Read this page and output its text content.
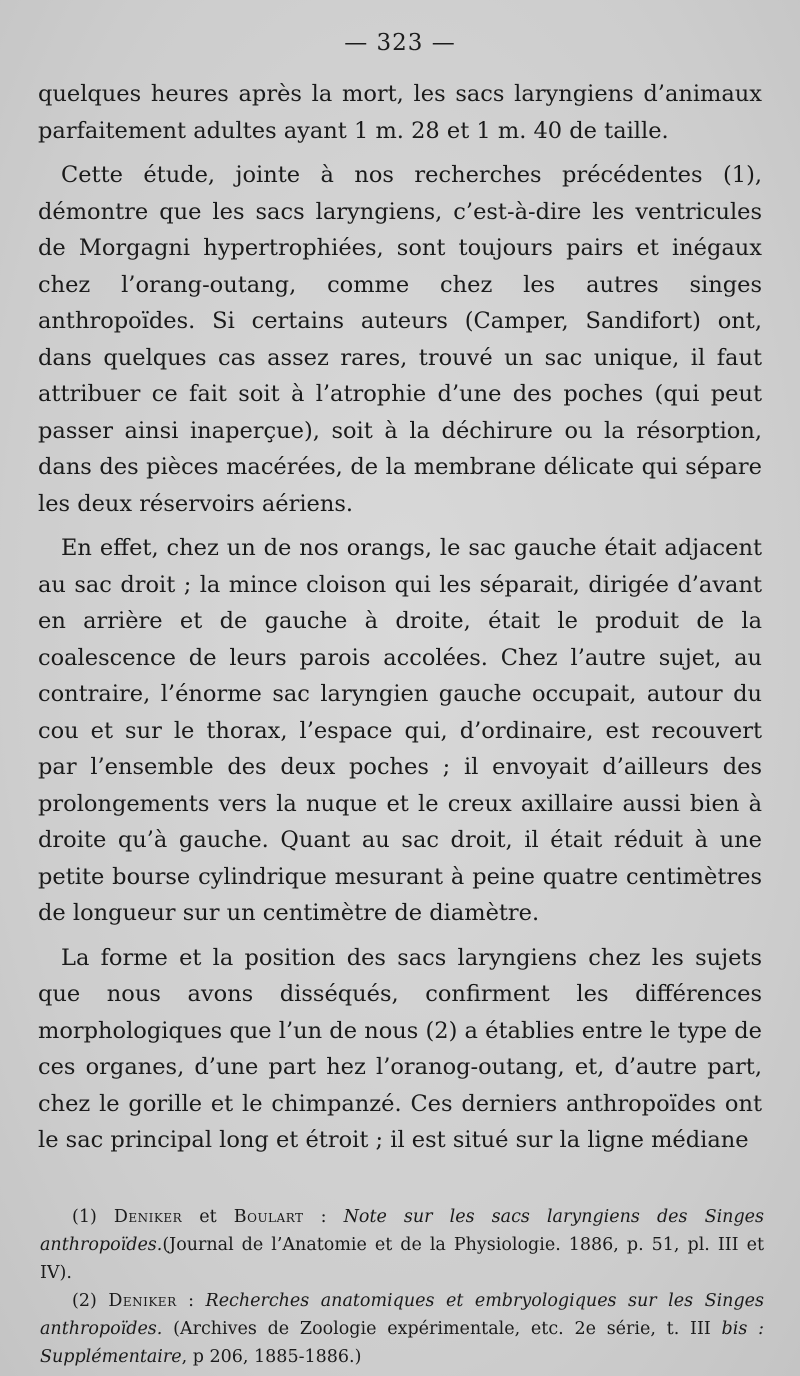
— 323 —

quelques heures après la mort, les sacs laryngiens d’animaux parfaitement adultes ayant 1 m. 28 et 1 m. 40 de taille.

Cette étude, jointe à nos recherches précédentes (1), démontre que les sacs laryngiens, c’est-à-dire les ventricules de Morgagni hypertrophiées, sont toujours pairs et inégaux chez l’orang-outang, comme chez les autres singes anthropoïdes. Si certains auteurs (Camper, Sandifort) ont, dans quelques cas assez rares, trouvé un sac unique, il faut attribuer ce fait soit à l’atrophie d’une des poches (qui peut passer ainsi inaperçue), soit à la déchirure ou la résorption, dans des pièces macérées, de la membrane délicate qui sépare les deux réservoirs aériens.

En effet, chez un de nos orangs, le sac gauche était adjacent au sac droit ; la mince cloison qui les séparait, dirigée d’avant en arrière et de gauche à droite, était le produit de la coalescence de leurs parois accolées. Chez l’autre sujet, au contraire, l’énorme sac laryngien gauche occupait, autour du cou et sur le thorax, l’espace qui, d’ordinaire, est recouvert par l’ensemble des deux poches ; il envoyait d’ailleurs des prolongements vers la nuque et le creux axillaire aussi bien à droite qu’à gauche. Quant au sac droit, il était réduit à une petite bourse cylindrique mesurant à peine quatre centimètres de longueur sur un centimètre de diamètre.

La forme et la position des sacs laryngiens chez les sujets que nous avons disséqués, confirment les différences morphologiques que l’un de nous (2) a établies entre le type de ces organes, d’une part hez l’oranog-outang, et, d’autre part, chez le gorille et le chimpanzé. Ces derniers anthropoïdes ont le sac principal long et étroit ; il est situé sur la ligne médiane

(1) Deniker et Boulart : Note sur les sacs laryngiens des Singes anthropoïdes.(Journal de l’Anatomie et de la Physiologie. 1886, p. 51, pl. III et IV).

(2) Deniker : Recherches anatomiques et embryologiques sur les Singes anthropoïdes. (Archives de Zoologie expérimentale, etc. 2e série, t. III bis : Supplémentaire, p 206, 1885-1886.)
